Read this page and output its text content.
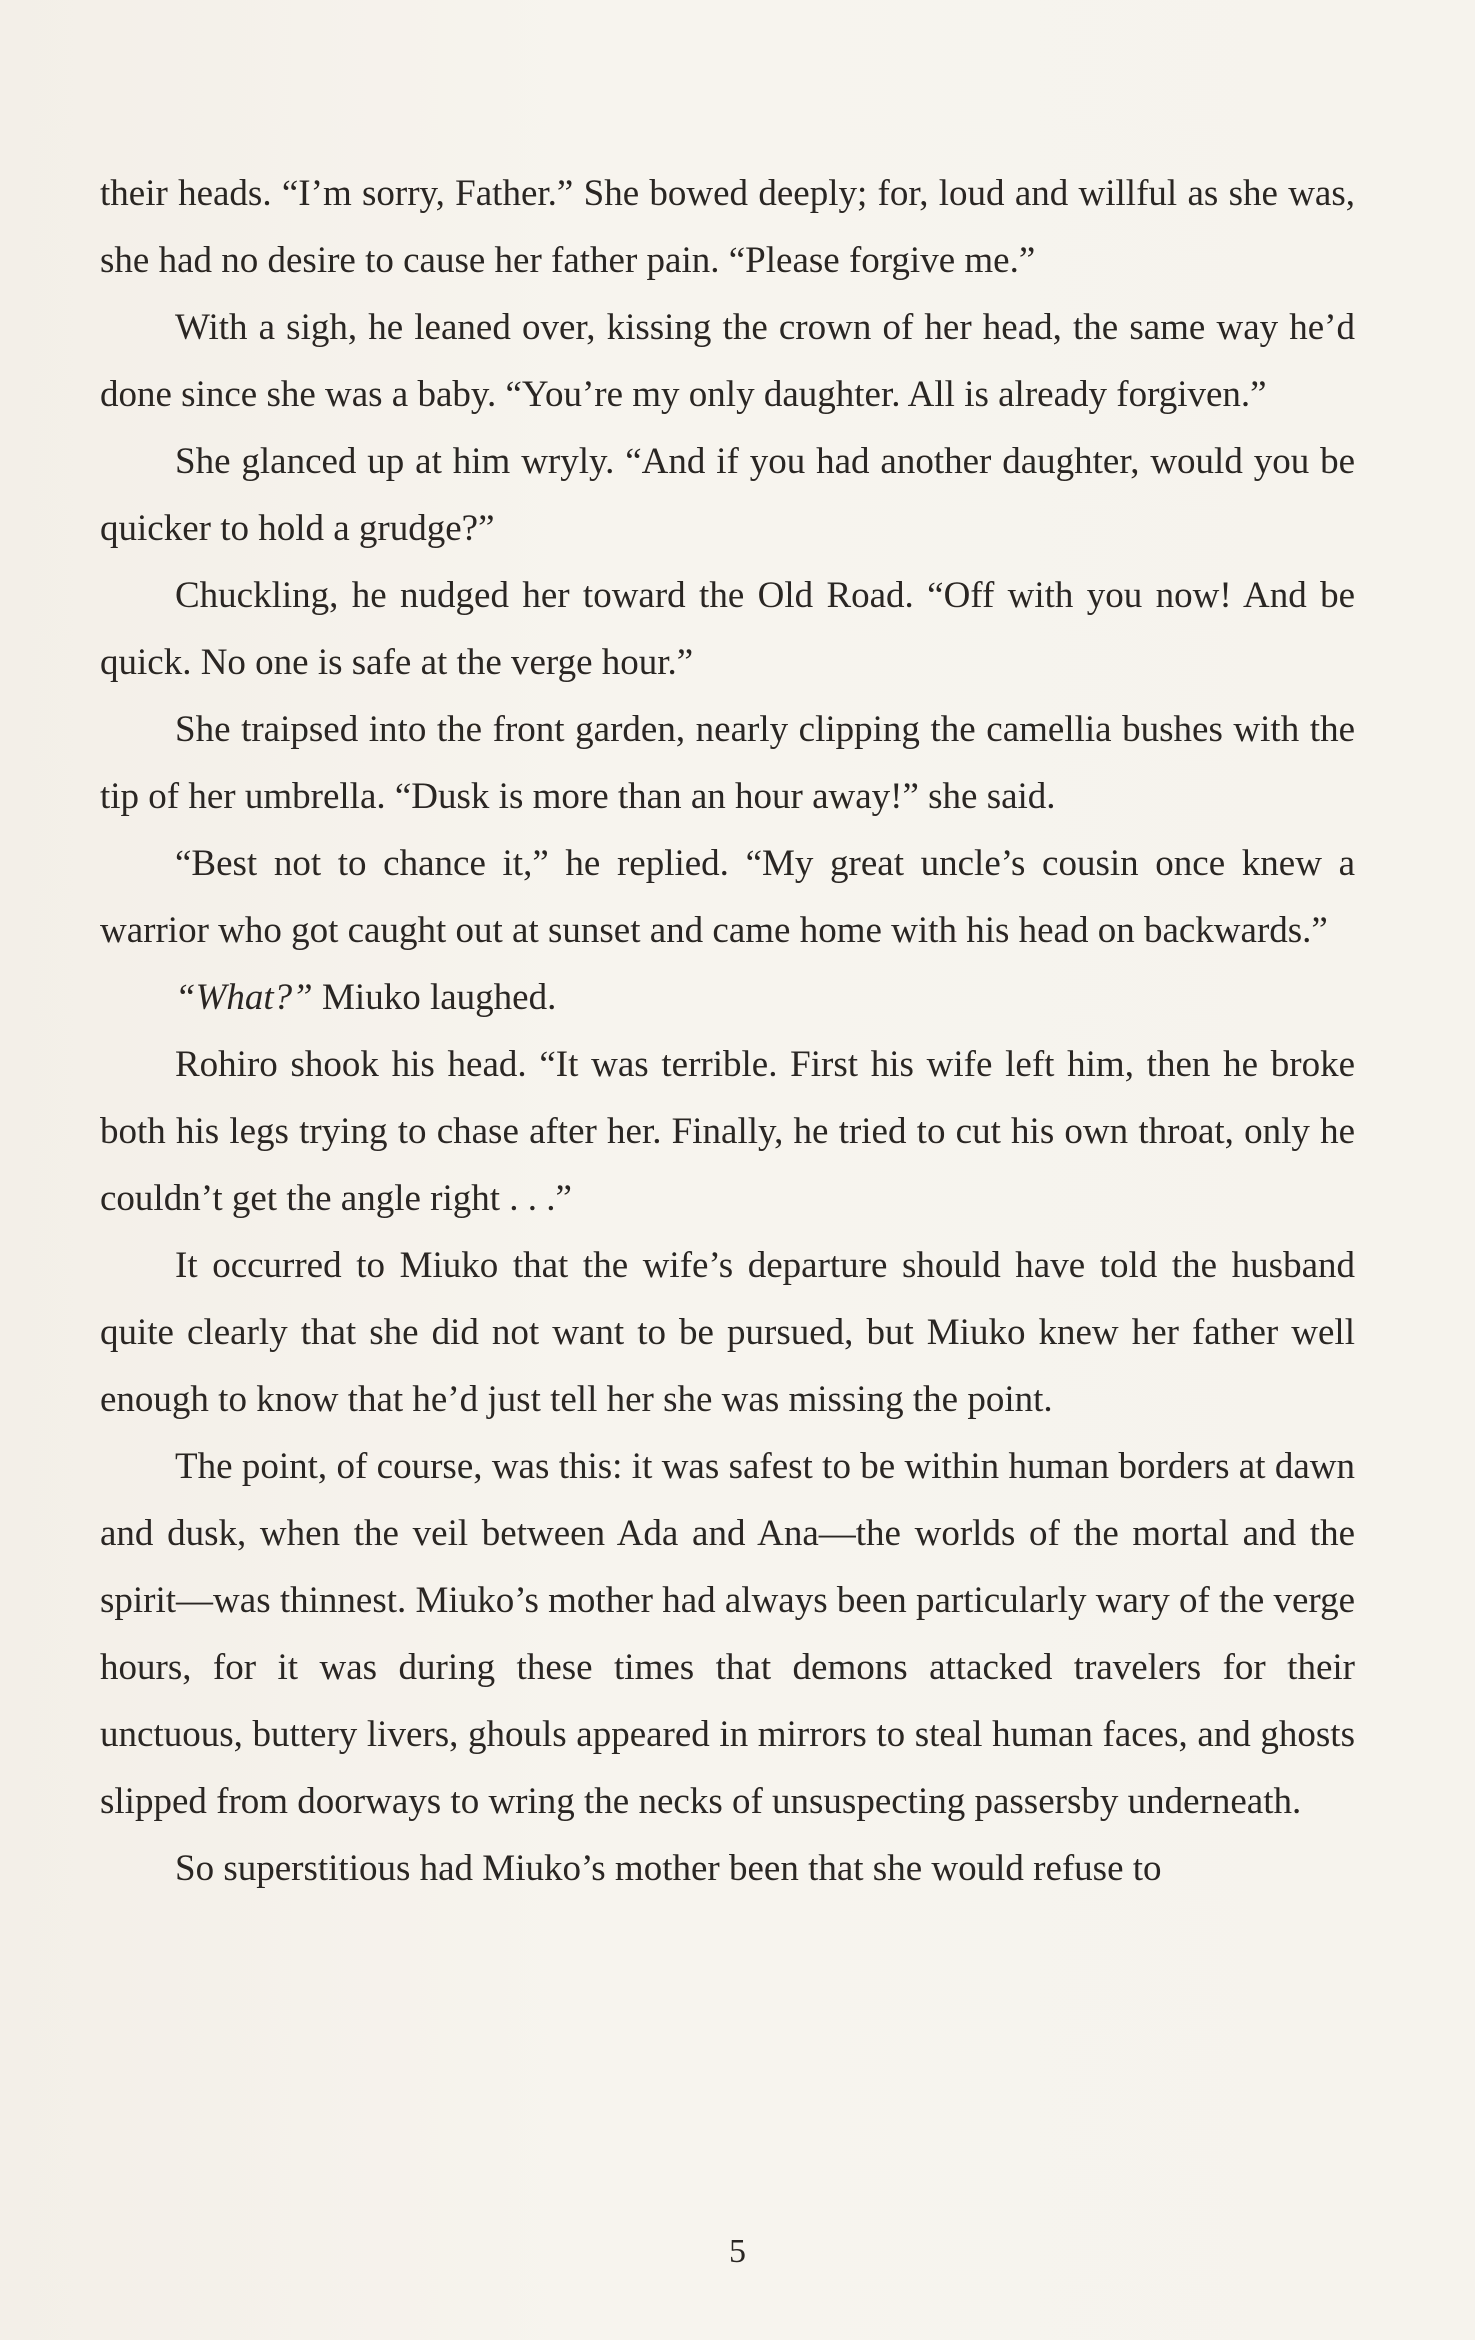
their heads. “I’m sorry, Father.” She bowed deeply; for, loud and willful as she was, she had no desire to cause her father pain. “Please forgive me.”

With a sigh, he leaned over, kissing the crown of her head, the same way he’d done since she was a baby. “You’re my only daughter. All is already forgiven.”

She glanced up at him wryly. “And if you had another daughter, would you be quicker to hold a grudge?”

Chuckling, he nudged her toward the Old Road. “Off with you now! And be quick. No one is safe at the verge hour.”

She traipsed into the front garden, nearly clipping the camellia bushes with the tip of her umbrella. “Dusk is more than an hour away!” she said.

“Best not to chance it,” he replied. “My great uncle’s cousin once knew a warrior who got caught out at sunset and came home with his head on backwards.”

“What?” Miuko laughed.

Rohiro shook his head. “It was terrible. First his wife left him, then he broke both his legs trying to chase after her. Finally, he tried to cut his own throat, only he couldn’t get the angle right . . .”

It occurred to Miuko that the wife’s departure should have told the husband quite clearly that she did not want to be pursued, but Miuko knew her father well enough to know that he’d just tell her she was missing the point.

The point, of course, was this: it was safest to be within human borders at dawn and dusk, when the veil between Ada and Ana—the worlds of the mortal and the spirit—was thinnest. Miuko’s mother had always been particularly wary of the verge hours, for it was during these times that demons attacked travelers for their unctuous, buttery livers, ghouls appeared in mirrors to steal human faces, and ghosts slipped from doorways to wring the necks of unsuspecting passersby underneath.

So superstitious had Miuko’s mother been that she would refuse to

5
